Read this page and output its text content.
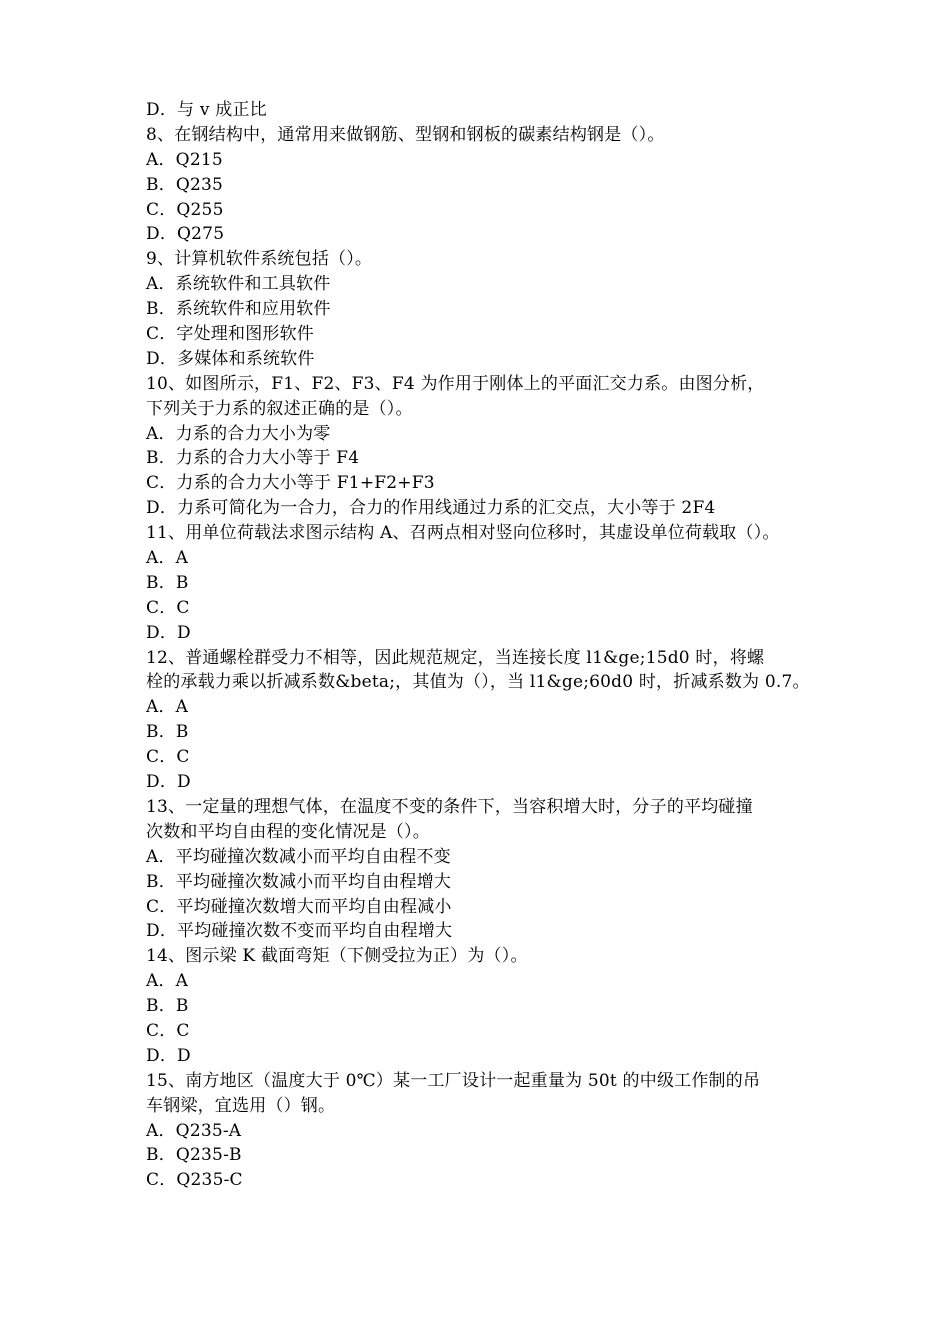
D．与 v 成正比
8、在钢结构中，通常用来做钢筋、型钢和钢板的碳素结构钢是（）。
A．Q215
B．Q235
C．Q255
D．Q275
9、计算机软件系统包括（）。
A．系统软件和工具软件
B．系统软件和应用软件
C．字处理和图形软件
D．多媒体和系统软件
10、如图所示，F1、F2、F3、F4 为作用于刚体上的平面汇交力系。由图分析，
下列关于力系的叙述正确的是（）。
A．力系的合力大小为零
B．力系的合力大小等于 F4
C．力系的合力大小等于 F1+F2+F3
D．力系可简化为一合力，合力的作用线通过力系的汇交点，大小等于 2F4
11、用单位荷载法求图示结构 A、召两点相对竖向位移时，其虚设单位荷载取（）。
A．A
B．B
C．C
D．D
12、普通螺栓群受力不相等，因此规范规定，当连接长度 l1&ge;15d0 时，将螺
栓的承载力乘以折减系数&beta;，其值为（），当 l1&ge;60d0 时，折减系数为 0.7。
A．A
B．B
C．C
D．D
13、一定量的理想气体，在温度不变的条件下，当容积增大时，分子的平均碰撞
次数和平均自由程的变化情况是（）。
A．平均碰撞次数减小而平均自由程不变
B．平均碰撞次数减小而平均自由程增大
C．平均碰撞次数增大而平均自由程减小
D．平均碰撞次数不变而平均自由程增大
14、图示梁 K 截面弯矩（下侧受拉为正）为（）。
A．A
B．B
C．C
D．D
15、南方地区（温度大于 0℃）某一工厂设计一起重量为 50t 的中级工作制的吊
车钢梁，宜选用（）钢。
A．Q235-A
B．Q235-B
C．Q235-C
